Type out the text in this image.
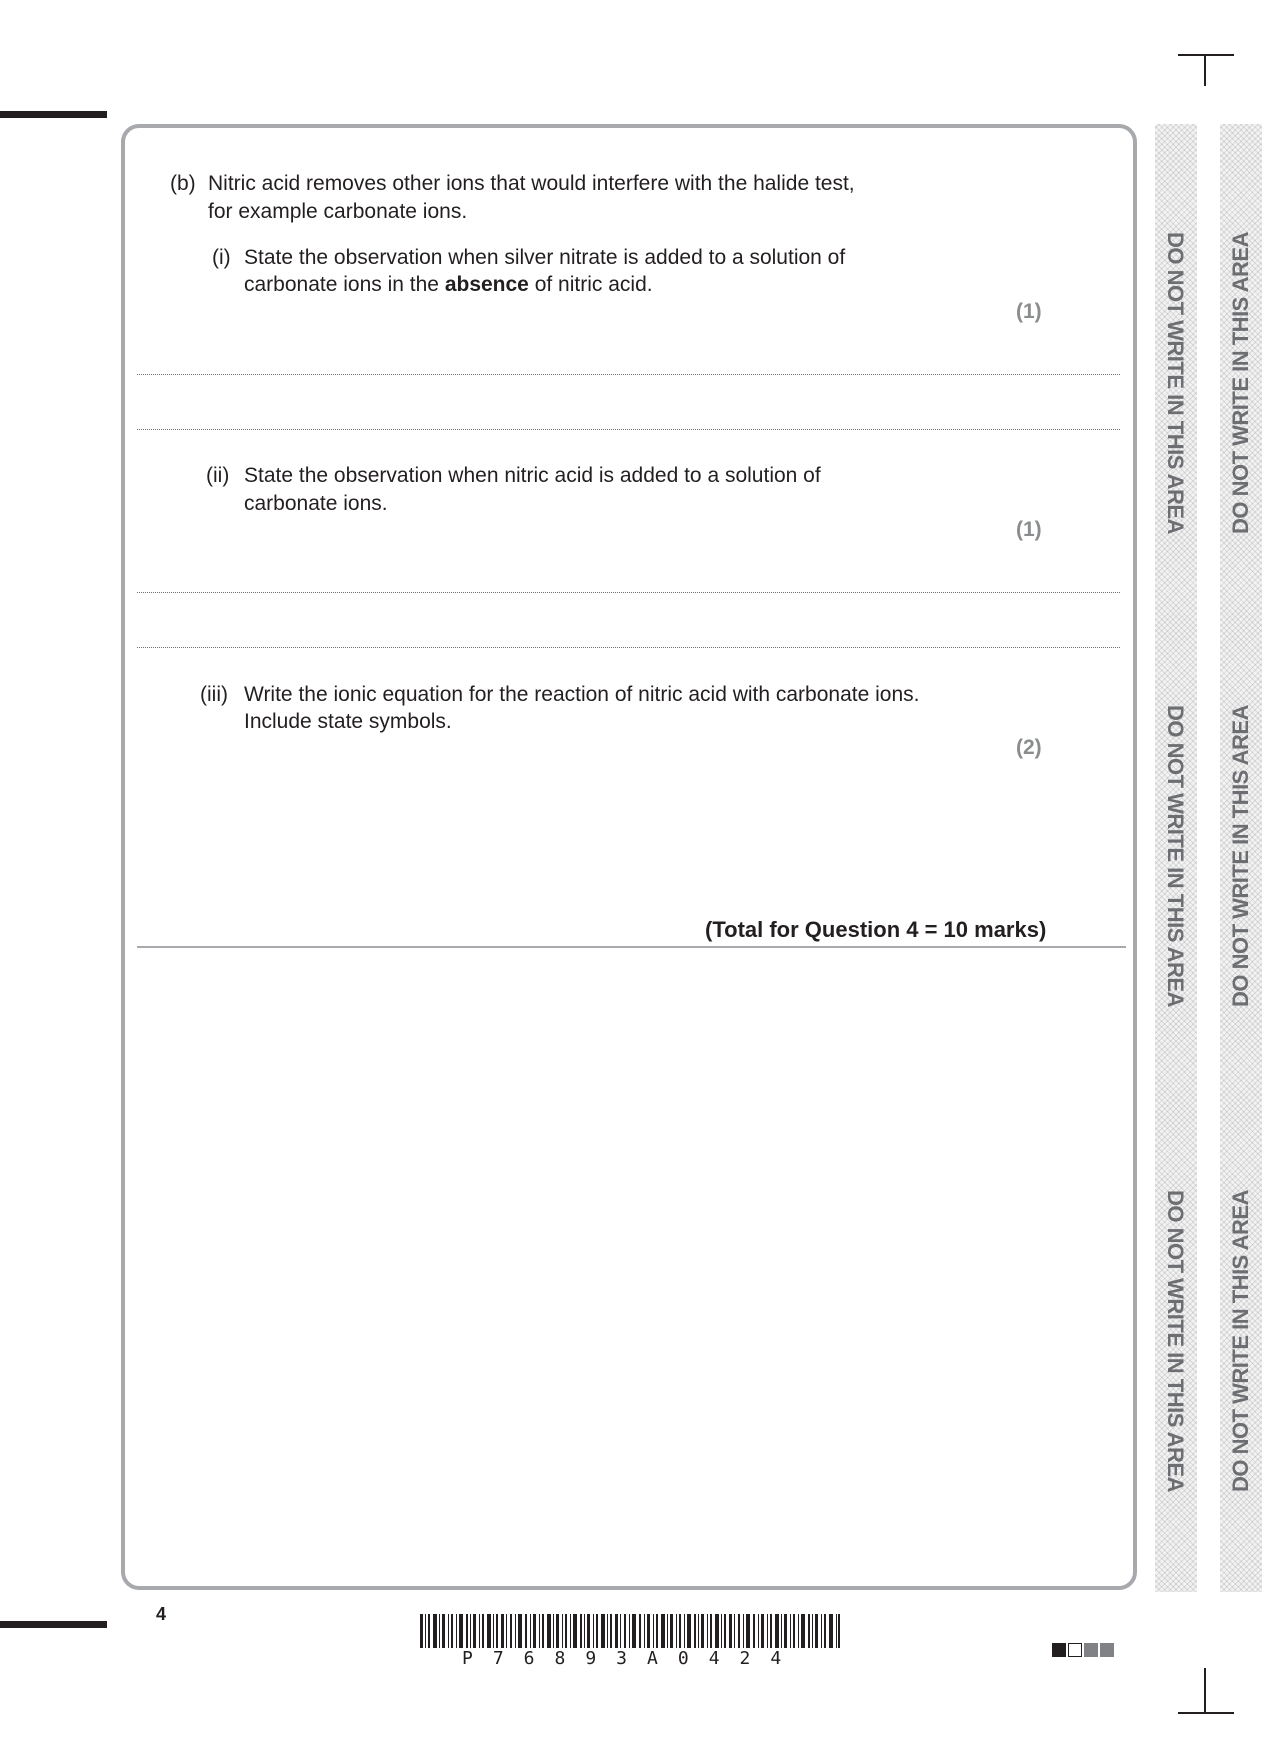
(b) Nitric acid removes other ions that would interfere with the halide test,
for example carbonate ions.
(i) State the observation when silver nitrate is added to a solution of
carbonate ions in the absence of nitric acid.
(1)
(ii) State the observation when nitric acid is added to a solution of
carbonate ions.
(1)
(iii) Write the ionic equation for the reaction of nitric acid with carbonate ions.
Include state symbols.
(2)
(Total for Question 4 = 10 marks)
DO NOT WRITE IN THIS AREA
DO NOT WRITE IN THIS AREA
DO NOT WRITE IN THIS AREA
DO NOT WRITE IN THIS AREA
DO NOT WRITE IN THIS AREA
DO NOT WRITE IN THIS AREA
4
P76893A0424
